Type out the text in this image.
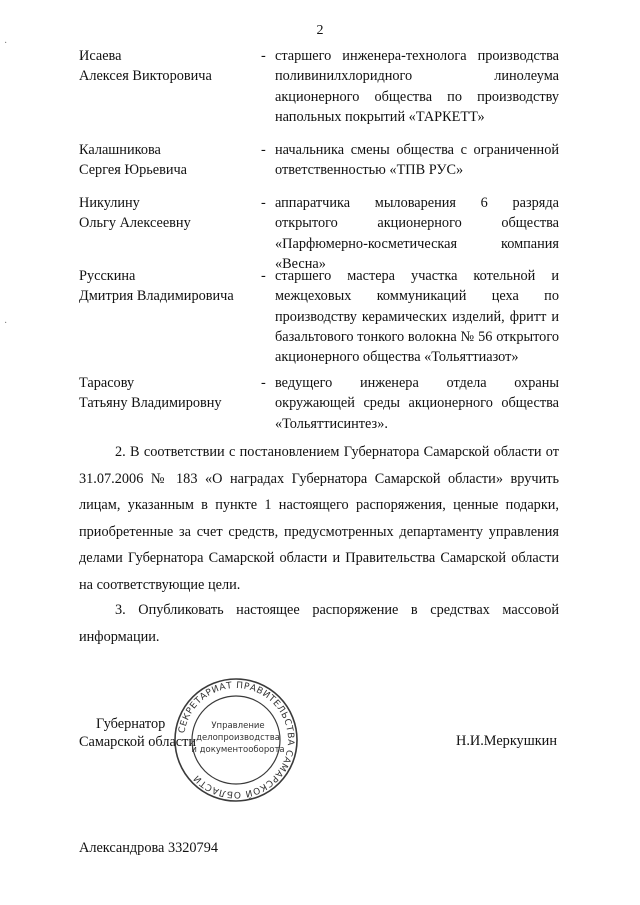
·
·
2
Исаева
Алексея Викторовича
- старшего инженера-технолога производства поливинилхлоридного линолеума акционерного общества по производству напольных покрытий «ТАРКЕТТ»
Калашникова
Сергея Юрьевича
- начальника смены общества с ограниченной ответственностью «ТПВ РУС»
Никулину
Ольгу Алексеевну
- аппаратчика мыловарения 6 разряда открытого акционерного общества «Парфюмерно-косметическая компания «Весна»
Русскина
Дмитрия Владимировича
- старшего мастера участка котельной и межцеховых коммуникаций цеха по производству керамических изделий, фритт и базальтового тонкого волокна № 56 открытого акционерного общества «Тольяттиазот»
Тарасову
Татьяну Владимировну
- ведущего инженера отдела охраны окружающей среды акционерного общества «Тольяттисинтез».

2. В соответствии с постановлением Губернатора Самарской области от 31.07.2006 № 183 «О наградах Губернатора Самарской области» вручить лицам, указанным в пункте 1 настоящего распоряжения, ценные подарки, приобретенные за счет средств, предусмотренных департаменту управления делами Губернатора Самарской области и Правительства Самарской области на соответствующие цели.

3. Опубликовать настоящее распоряжение в средствах массовой информации.

Губернатор
Самарской области
СЕКРЕТАРИАТ ПРАВИТЕЛЬСТВА САМАРСКОЙ ОБЛАСТИ
Управление
делопроизводства
и документооборота
Н.И.Меркушкин
Александрова 3320794
